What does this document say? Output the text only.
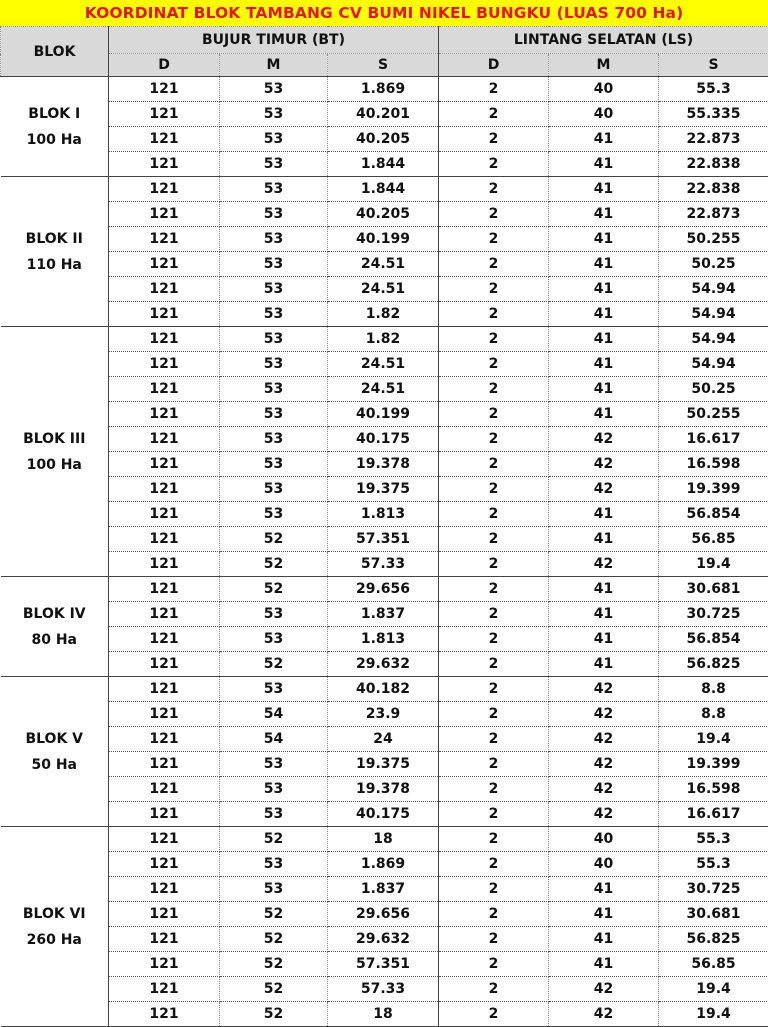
KOORDINAT BLOK TAMBANG CV BUMI NIKEL BUNGKU (LUAS 700 Ha)
BLOK	BUJUR TIMUR (BT)			LINTANG SELATAN (LS)		
	D	M	S	D	M	S

BLOK I
100 Ha	121	53	1.869	2	40	55.3
	121	53	40.201	2	40	55.335
	121	53	40.205	2	41	22.873
	121	53	1.844	2	41	22.838

BLOK II
110 Ha	121	53	1.844	2	41	22.838
	121	53	40.205	2	41	22.873
	121	53	40.199	2	41	50.255
	121	53	24.51	2	41	50.25
	121	53	24.51	2	41	54.94
	121	53	1.82	2	41	54.94

BLOK III
100 Ha	121	53	1.82	2	41	54.94
	121	53	24.51	2	41	54.94
	121	53	24.51	2	41	50.25
	121	53	40.199	2	41	50.255
	121	53	40.175	2	42	16.617
	121	53	19.378	2	42	16.598
	121	53	19.375	2	42	19.399
	121	53	1.813	2	41	56.854
	121	52	57.351	2	41	56.85
	121	52	57.33	2	42	19.4

BLOK IV
80 Ha	121	52	29.656	2	41	30.681
	121	53	1.837	2	41	30.725
	121	53	1.813	2	41	56.854
	121	52	29.632	2	41	56.825

BLOK V
50 Ha	121	53	40.182	2	42	8.8
	121	54	23.9	2	42	8.8
	121	54	24	2	42	19.4
	121	53	19.375	2	42	19.399
	121	53	19.378	2	42	16.598
	121	53	40.175	2	42	16.617

BLOK VI
260 Ha	121	52	18	2	40	55.3
	121	53	1.869	2	40	55.3
	121	53	1.837	2	41	30.725
	121	52	29.656	2	41	30.681
	121	52	29.632	2	41	56.825
	121	52	57.351	2	41	56.85
	121	52	57.33	2	42	19.4
	121	52	18	2	42	19.4
